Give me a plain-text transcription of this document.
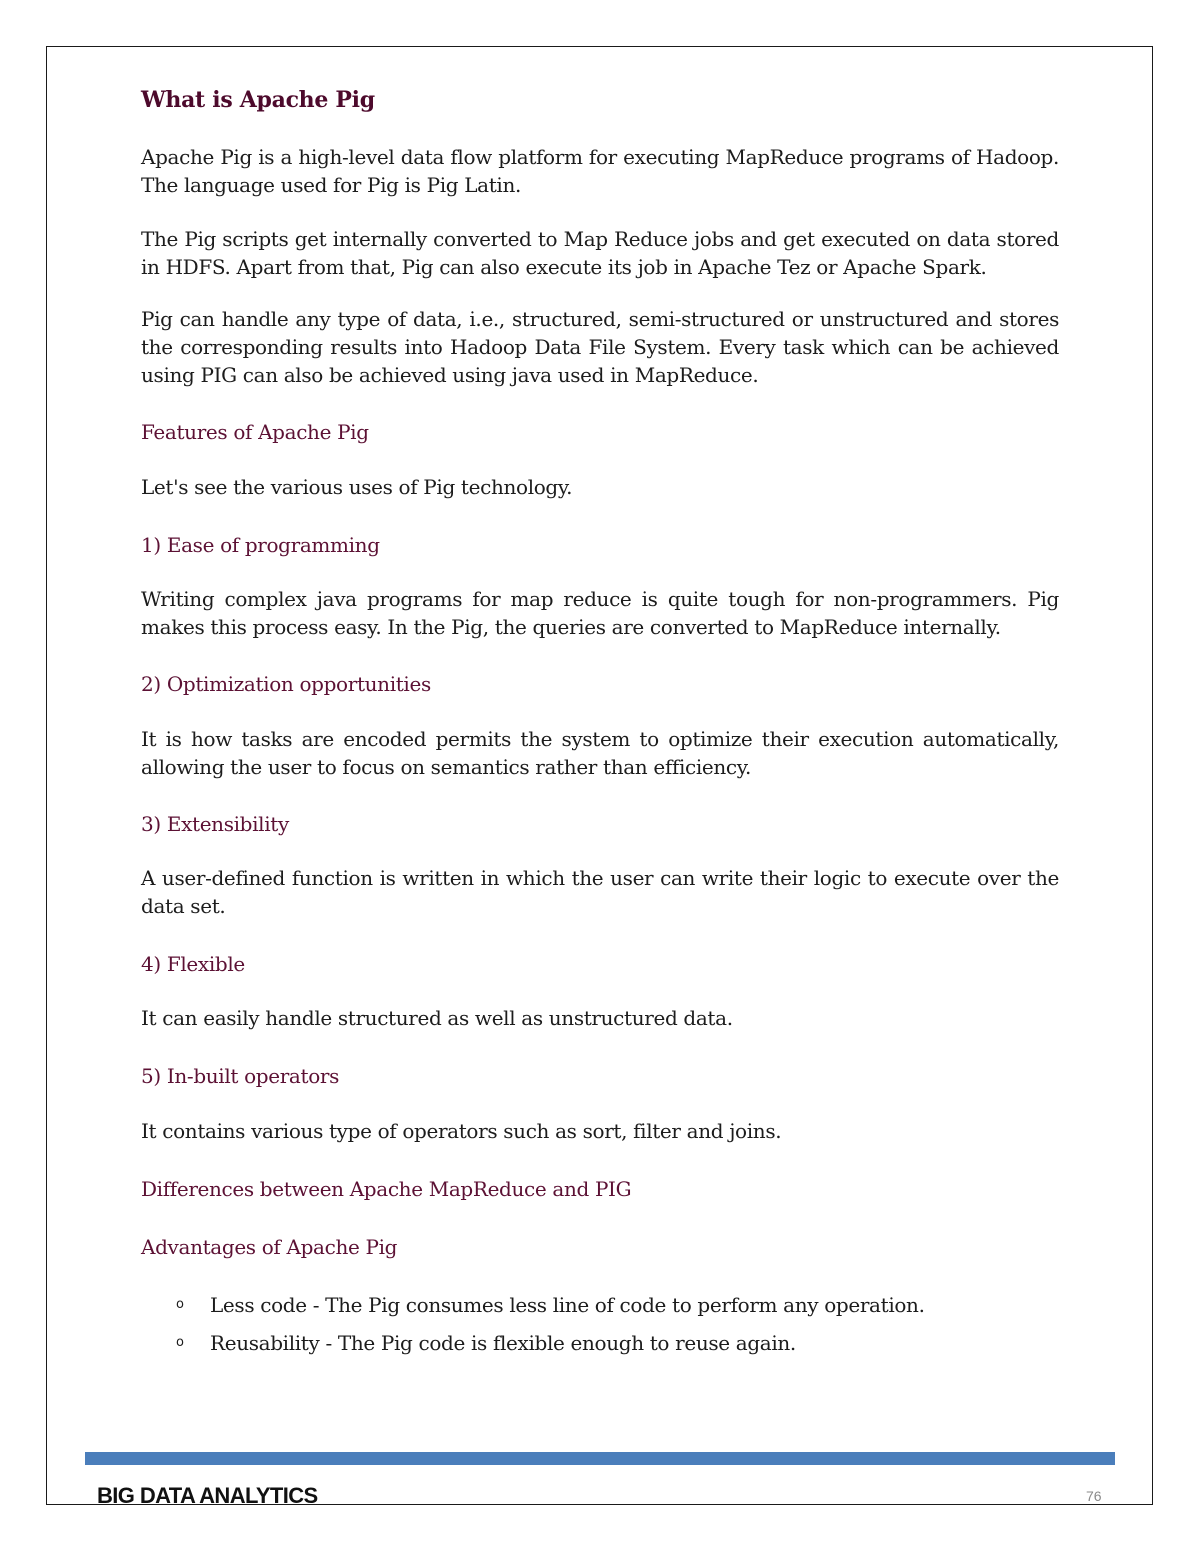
What is Apache Pig

Apache Pig is a high-level data flow platform for executing MapReduce programs of Hadoop. The language used for Pig is Pig Latin.

The Pig scripts get internally converted to Map Reduce jobs and get executed on data stored in HDFS. Apart from that, Pig can also execute its job in Apache Tez or Apache Spark.

Pig can handle any type of data, i.e., structured, semi-structured or unstructured and stores the corresponding results into Hadoop Data File System. Every task which can be achieved using PIG can also be achieved using java used in MapReduce.

Features of Apache Pig

Let's see the various uses of Pig technology.

1) Ease of programming

Writing complex java programs for map reduce is quite tough for non-programmers. Pig makes this process easy. In the Pig, the queries are converted to MapReduce internally.

2) Optimization opportunities

It is how tasks are encoded permits the system to optimize their execution automatically, allowing the user to focus on semantics rather than efficiency.

3) Extensibility

A user-defined function is written in which the user can write their logic to execute over the data set.

4) Flexible

It can easily handle structured as well as unstructured data.

5) In-built operators

It contains various type of operators such as sort, filter and joins.

Differences between Apache MapReduce and PIG

Advantages of Apache Pig

o Less code - The Pig consumes less line of code to perform any operation.

o Reusability - The Pig code is flexible enough to reuse again.

BIG DATA ANALYTICS	76
